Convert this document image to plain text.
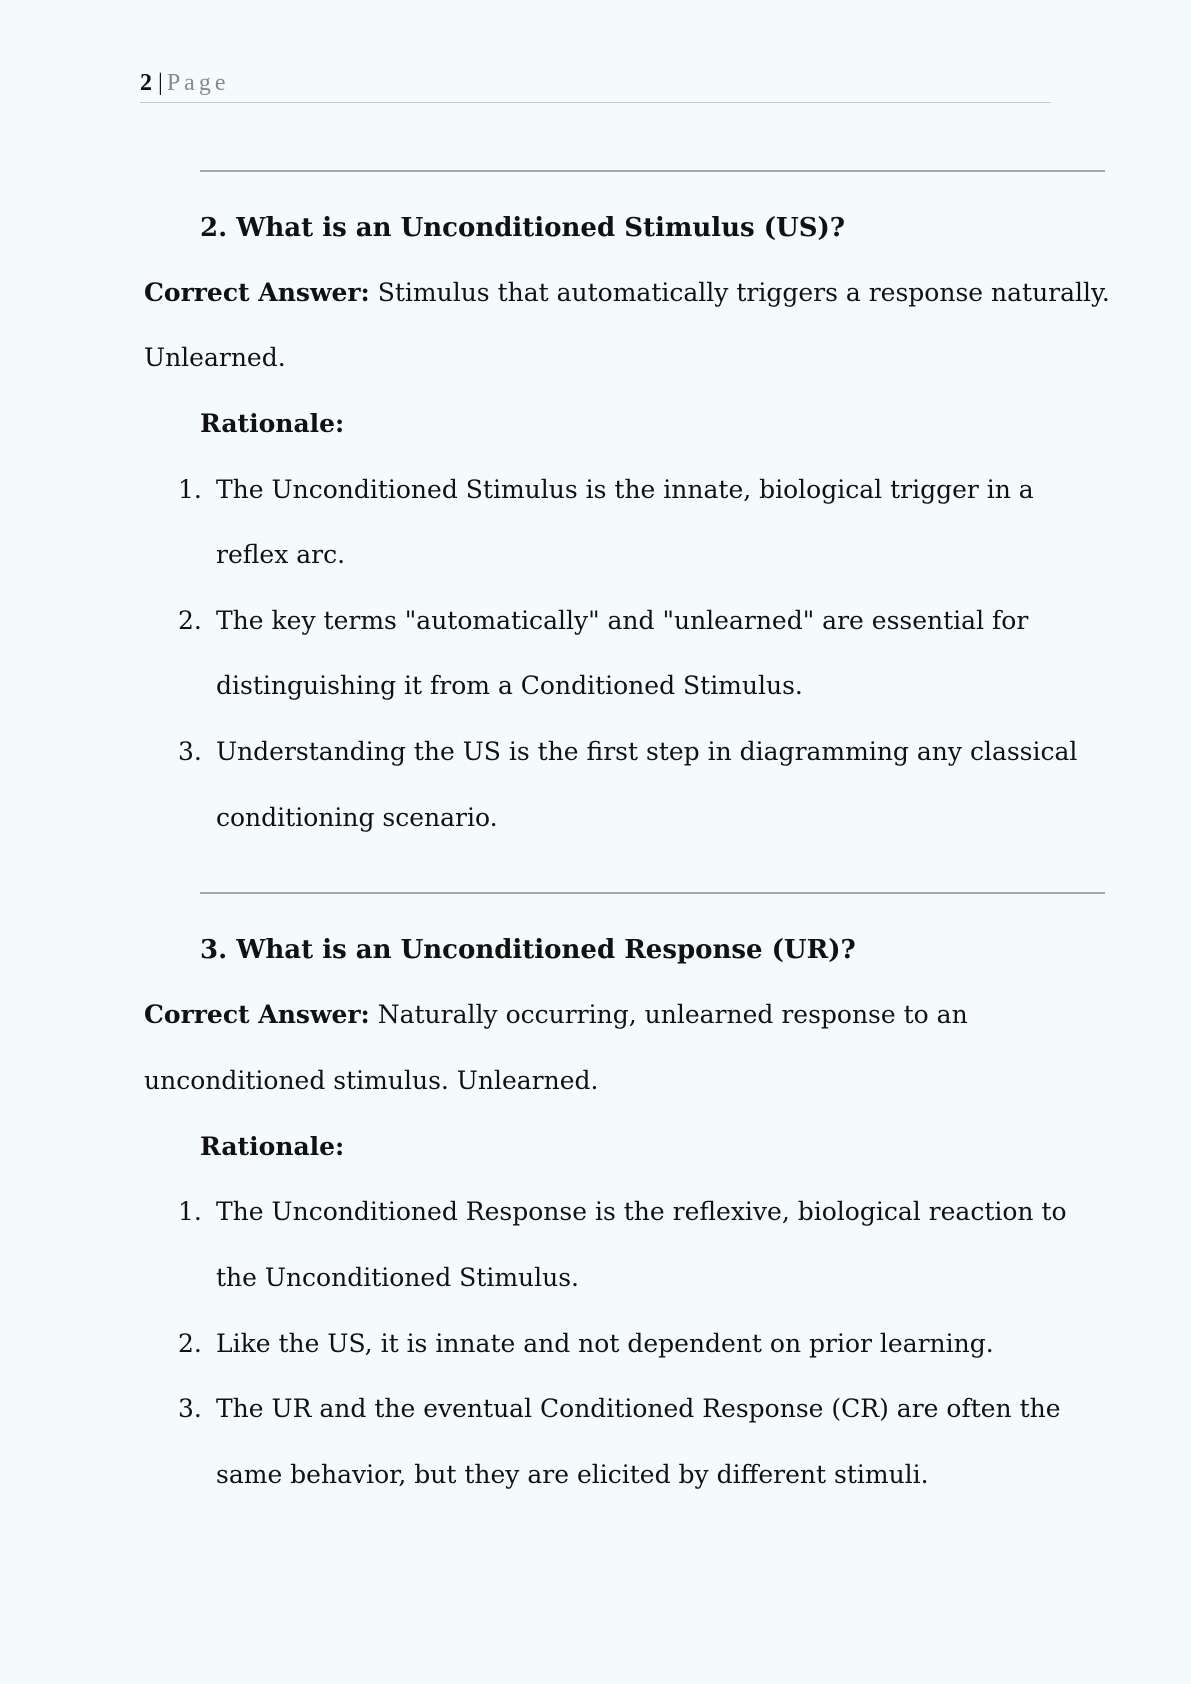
2 | Page
2. What is an Unconditioned Stimulus (US)?
Correct Answer: Stimulus that automatically triggers a response naturally.
Unlearned.
Rationale:
1. The Unconditioned Stimulus is the innate, biological trigger in a
reflex arc.
2. The key terms "automatically" and "unlearned" are essential for
distinguishing it from a Conditioned Stimulus.
3. Understanding the US is the first step in diagramming any classical
conditioning scenario.
3. What is an Unconditioned Response (UR)?
Correct Answer: Naturally occurring, unlearned response to an
unconditioned stimulus. Unlearned.
Rationale:
1. The Unconditioned Response is the reflexive, biological reaction to
the Unconditioned Stimulus.
2. Like the US, it is innate and not dependent on prior learning.
3. The UR and the eventual Conditioned Response (CR) are often the
same behavior, but they are elicited by different stimuli.
